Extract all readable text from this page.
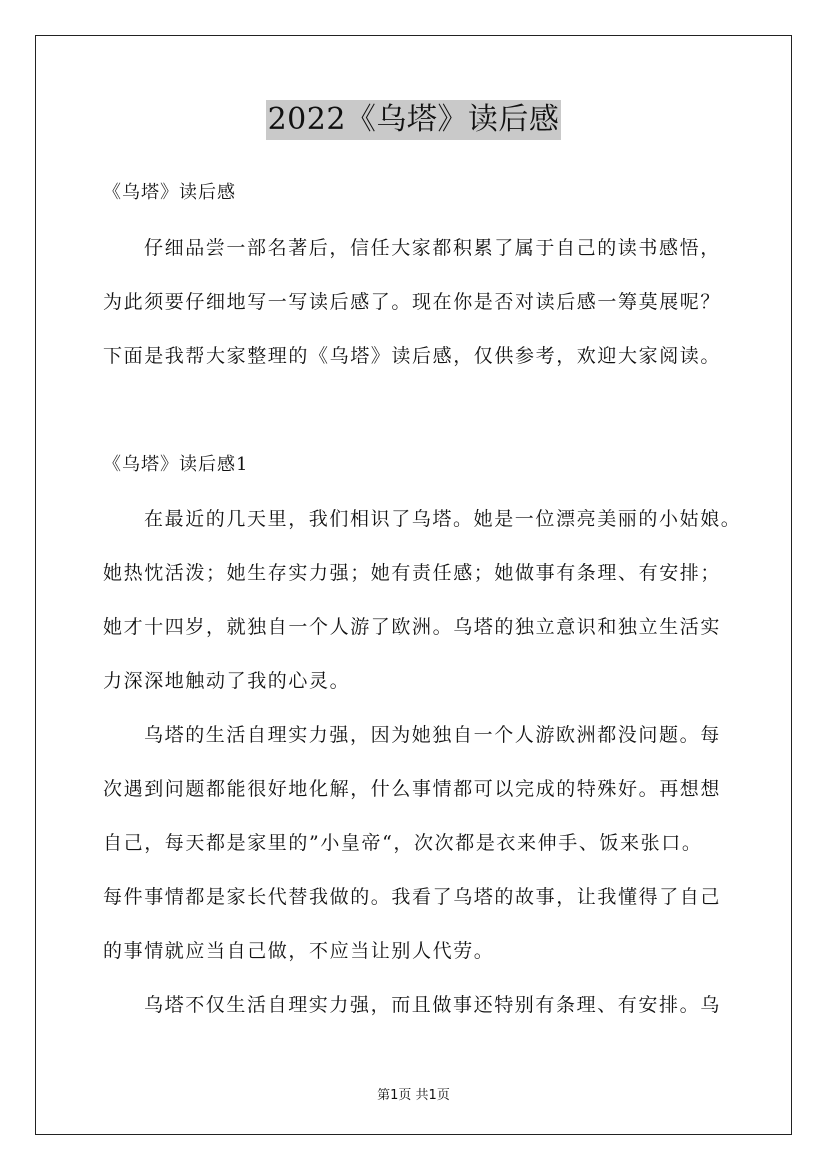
2022《乌塔》读后感
《乌塔》读后感
仔细品尝一部名著后，信任大家都积累了属于自己的读书感悟，
为此须要仔细地写一写读后感了。现在你是否对读后感一筹莫展呢？
下面是我帮大家整理的《乌塔》读后感，仅供参考，欢迎大家阅读。
《乌塔》读后感1
在最近的几天里，我们相识了乌塔。她是一位漂亮美丽的小姑娘。
她热忱活泼；她生存实力强；她有责任感；她做事有条理、有安排；
她才十四岁，就独自一个人游了欧洲。乌塔的独立意识和独立生活实
力深深地触动了我的心灵。
乌塔的生活自理实力强，因为她独自一个人游欧洲都没问题。每
次遇到问题都能很好地化解，什么事情都可以完成的特殊好。再想想
自己，每天都是家里的”小皇帝“，次次都是衣来伸手、饭来张口。
每件事情都是家长代替我做的。我看了乌塔的故事，让我懂得了自己
的事情就应当自己做，不应当让别人代劳。
乌塔不仅生活自理实力强，而且做事还特别有条理、有安排。乌
第1页 共1页
